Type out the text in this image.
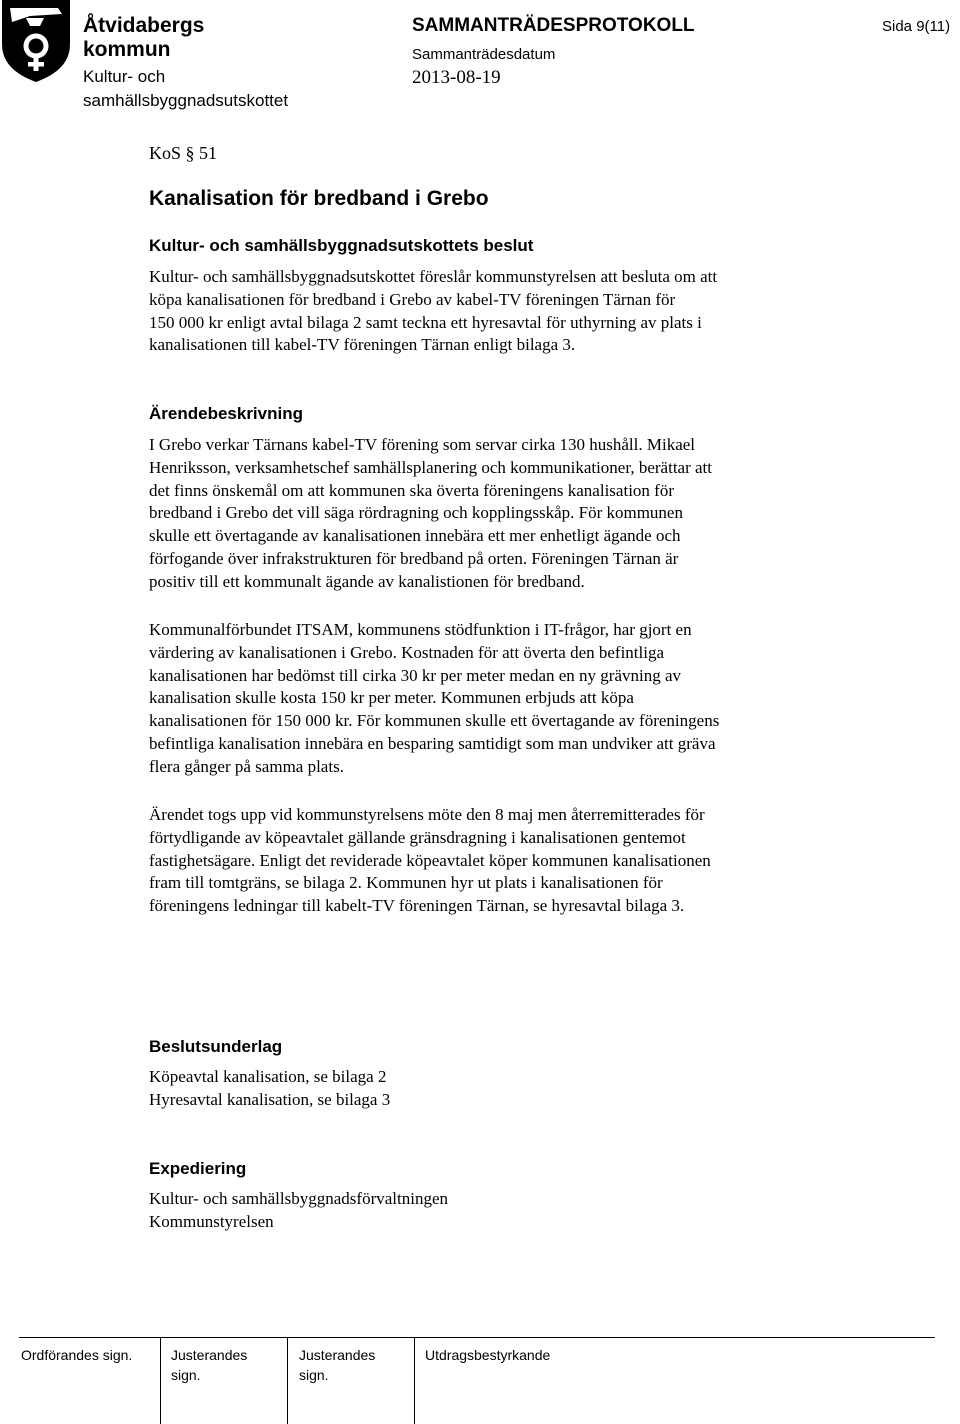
Åtvidabergs
kommun
Kultur- och
samhällsbyggnadsutskottet
SAMMANTRÄDESPROTOKOLL
Sammanträdesdatum
2013-08-19
Sida 9(11)
KoS § 51
Kanalisation för bredband i Grebo
Kultur- och samhällsbyggnadsutskottets beslut
Kultur- och samhällsbyggnadsutskottet föreslår kommunstyrelsen att besluta om att
köpa kanalisationen för bredband i Grebo av kabel-TV föreningen Tärnan för
150 000 kr enligt avtal bilaga 2 samt teckna ett hyresavtal för uthyrning av plats i
kanalisationen till kabel-TV föreningen Tärnan enligt bilaga 3.
Ärendebeskrivning
I Grebo verkar Tärnans kabel-TV förening som servar cirka 130 hushåll. Mikael
Henriksson, verksamhetschef samhällsplanering och kommunikationer, berättar att
det finns önskemål om att kommunen ska överta föreningens kanalisation för
bredband i Grebo det vill säga rördragning och kopplingsskåp. För kommunen
skulle ett övertagande av kanalisationen innebära ett mer enhetligt ägande och
förfogande över infrakstrukturen för bredband på orten. Föreningen Tärnan är
positiv till ett kommunalt ägande av kanalistionen för bredband.
Kommunalförbundet ITSAM, kommunens stödfunktion i IT-frågor, har gjort en
värdering av kanalisationen i Grebo. Kostnaden för att överta den befintliga
kanalisationen har bedömst till cirka 30 kr per meter medan en ny grävning av
kanalisation skulle kosta 150 kr per meter. Kommunen erbjuds att köpa
kanalisationen för 150 000 kr. För kommunen skulle ett övertagande av föreningens
befintliga kanalisation innebära en besparing samtidigt som man undviker att gräva
flera gånger på samma plats.
Ärendet togs upp vid kommunstyrelsens möte den 8 maj men återremitterades för
förtydligande av köpeavtalet gällande gränsdragning i kanalisationen gentemot
fastighetsägare. Enligt det reviderade köpeavtalet köper kommunen kanalisationen
fram till tomtgräns, se bilaga 2. Kommunen hyr ut plats i kanalisationen för
föreningens ledningar till kabelt-TV föreningen Tärnan, se hyresavtal bilaga 3.
Beslutsunderlag
Köpeavtal kanalisation, se bilaga 2
Hyresavtal kanalisation, se bilaga 3
Expediering
Kultur- och samhällsbyggnadsförvaltningen
Kommunstyrelsen
Ordförandes sign.	Justerandes
sign.
Justerandes
sign.
Utdragsbestyrkande
